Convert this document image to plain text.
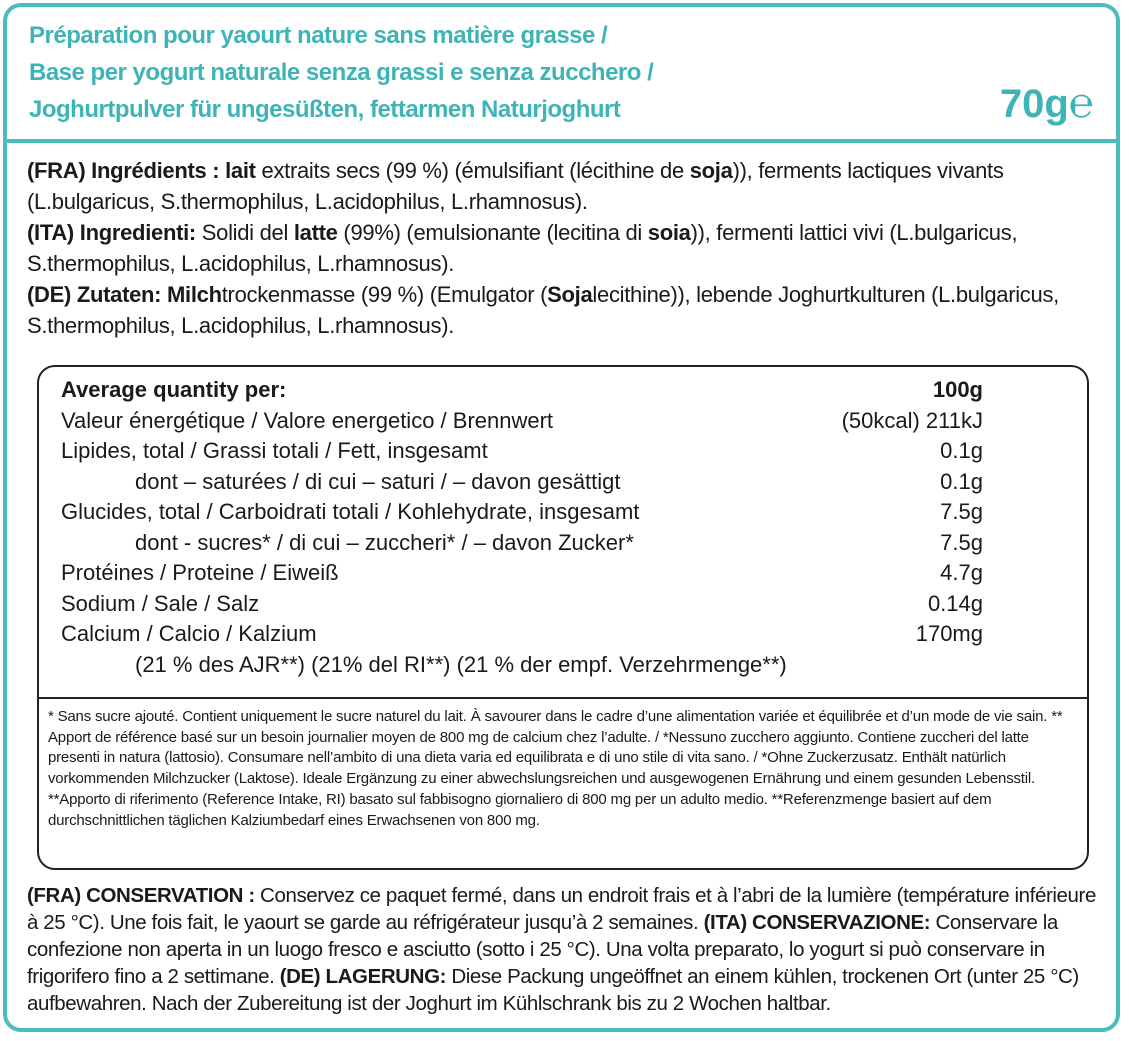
Préparation pour yaourt nature sans matière grasse /
Base per yogurt naturale senza grassi e senza zucchero /
Joghurtpulver für ungesüßten, fettarmen Naturjoghurt	70g℮

(FRA) Ingrédients : lait extraits secs (99 %) (émulsifiant (lécithine de soja)), ferments lactiques vivants (L.bulgaricus, S.thermophilus, L.acidophilus, L.rhamnosus).

(ITA) Ingredienti: Solidi del latte (99%) (emulsionante (lecitina di soia)), fermenti lattici vivi (L.bulgaricus, S.thermophilus, L.acidophilus, L.rhamnosus).

(DE) Zutaten: Milchtrockenmasse (99 %) (Emulgator (Sojalecithine)), lebende Joghurtkulturen (L.bulgaricus, S.thermophilus, L.acidophilus, L.rhamnosus).

Average quantity per:	100g
Valeur énergétique / Valore energetico / Brennwert	(50kcal) 211kJ
Lipides, total / Grassi totali / Fett, insgesamt	0.1g
dont – saturées / di cui – saturi / – davon gesättigt	0.1g
Glucides, total / Carboidrati totali / Kohlehydrate, insgesamt	7.5g
dont - sucres* / di cui – zuccheri* / – davon Zucker*	7.5g
Protéines / Proteine / Eiweiß	4.7g
Sodium / Sale / Salz	0.14g
Calcium / Calcio / Kalzium	170mg
(21 % des AJR**) (21% del RI**) (21 % der empf. Verzehrmenge**)
* Sans sucre ajouté. Contient uniquement le sucre naturel du lait. À savourer dans le cadre d’une alimentation variée et équilibrée et d’un mode de vie sain. ** Apport de référence basé sur un besoin journalier moyen de 800 mg de calcium chez l’adulte. / *Nessuno zucchero aggiunto. Contiene zuccheri del latte presenti in natura (lattosio). Consumare nell’ambito di una dieta varia ed equilibrata e di uno stile di vita sano. / *Ohne Zuckerzusatz. Enthält natürlich vorkommenden Milchzucker (Laktose). Ideale Ergänzung zu einer abwechslungsreichen und ausgewogenen Ernährung und einem gesunden Lebensstil. **Apporto di riferimento (Reference Intake, RI) basato sul fabbisogno giornaliero di 800 mg per un adulto medio. **Referenzmenge basiert auf dem durchschnittlichen täglichen Kalziumbedarf eines Erwachsenen von 800 mg.
(FRA) CONSERVATION : Conservez ce paquet fermé, dans un endroit frais et à l’abri de la lumière (température inférieure à 25 °C). Une fois fait, le yaourt se garde au réfrigérateur jusqu’à 2 semaines. (ITA) CONSERVAZIONE: Conservare la confezione non aperta in un luogo fresco e asciutto (sotto i 25 °C). Una volta preparato, lo yogurt si può conservare in frigorifero fino a 2 settimane. (DE) LAGERUNG: Diese Packung ungeöffnet an einem kühlen, trockenen Ort (unter 25 °C) aufbewahren. Nach der Zubereitung ist der Joghurt im Kühlschrank bis zu 2 Wochen haltbar.
